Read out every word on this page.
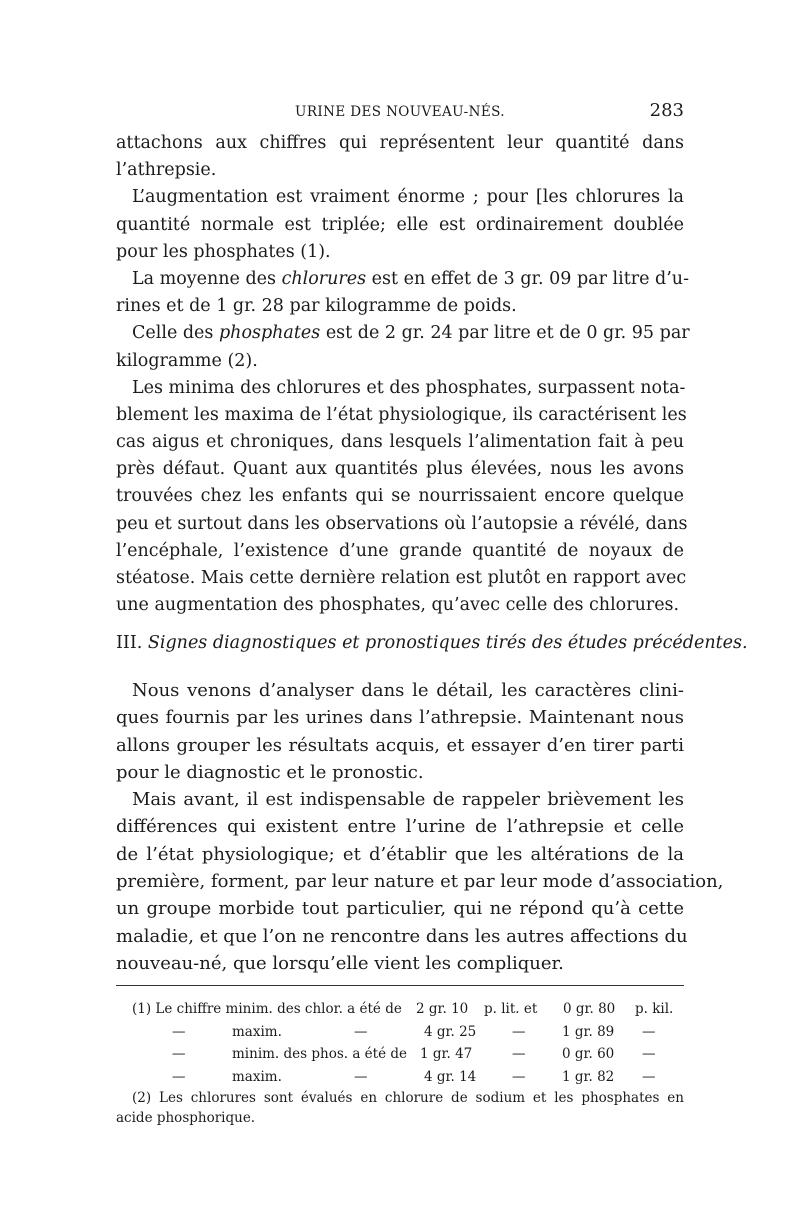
URINE DES NOUVEAU-NÉS.	283
attachons aux chiffres qui représentent leur quantité dans
l’athrepsie.
L’augmentation est vraiment énorme ; pour [les chlorures la
quantité normale est triplée; elle est ordinairement doublée
pour les phosphates (1).
La moyenne des chlorures est en effet de 3 gr. 09 par litre d’u-
rines et de 1 gr. 28 par kilogramme de poids.
Celle des phosphates est de 2 gr. 24 par litre et de 0 gr. 95 par
kilogramme (2).
Les minima des chlorures et des phosphates, surpassent nota-
blement les maxima de l’état physiologique, ils caractérisent les
cas aigus et chroniques, dans lesquels l’alimentation fait à peu
près défaut. Quant aux quantités plus élevées, nous les avons
trouvées chez les enfants qui se nourrissaient encore quelque
peu et surtout dans les observations où l’autopsie a révélé, dans
l’encéphale, l’existence d’une grande quantité de noyaux de
stéatose. Mais cette dernière relation est plutôt en rapport avec
une augmentation des phosphates, qu’avec celle des chlorures.
III. Signes diagnostiques et pronostiques tirés des études précédentes.
Nous venons d’analyser dans le détail, les caractères clini-
ques fournis par les urines dans l’athrepsie. Maintenant nous
allons grouper les résultats acquis, et essayer d’en tirer parti
pour le diagnostic et le pronostic.
Mais avant, il est indispensable de rappeler brièvement les
différences qui existent entre l’urine de l’athrepsie et celle
de l’état physiologique; et d’établir que les altérations de la
première, forment, par leur nature et par leur mode d’association,
un groupe morbide tout particulier, qui ne répond qu’à cette
maladie, et que l’on ne rencontre dans les autres affections du
nouveau-né, que lorsqu’elle vient les compliquer.
(1) Le chiffre minim. des chlor. a été de 2 gr. 10 p. lit. et 0 gr. 80 p. kil.
—	maxim.	—	4 gr. 25	—	1 gr. 89 —
—	minim. des phos. a été de 1 gr. 47	—	0 gr. 60 —
—	maxim.	—	4 gr. 14	—	1 gr. 82 —
(2) Les chlorures sont évalués en chlorure de sodium et les phosphates en
acide phosphorique.
